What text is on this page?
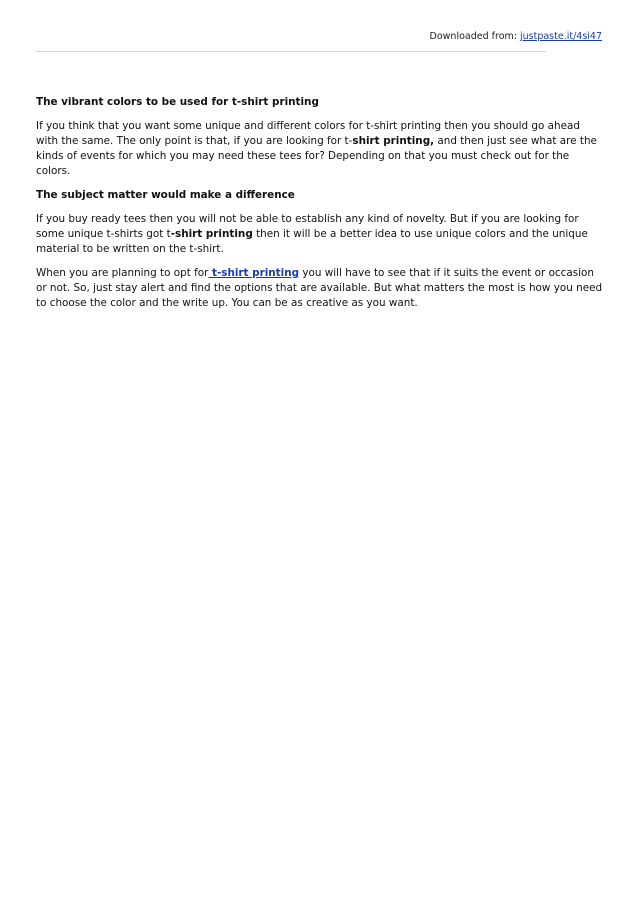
Downloaded from: justpaste.it/4si47
The vibrant colors to be used for t-shirt printing

If you think that you want some unique and different colors for t-shirt printing then you should go ahead with the same. The only point is that, if you are looking for t-shirt printing, and then just see what are the kinds of events for which you may need these tees for? Depending on that you must check out for the colors.

The subject matter would make a difference

If you buy ready tees then you will not be able to establish any kind of novelty. But if you are looking for some unique t-shirts got t-shirt printing then it will be a better idea to use unique colors and the unique material to be written on the t-shirt.

When you are planning to opt for t-shirt printing you will have to see that if it suits the event or occasion or not. So, just stay alert and find the options that are available. But what matters the most is how you need to choose the color and the write up. You can be as creative as you want.
